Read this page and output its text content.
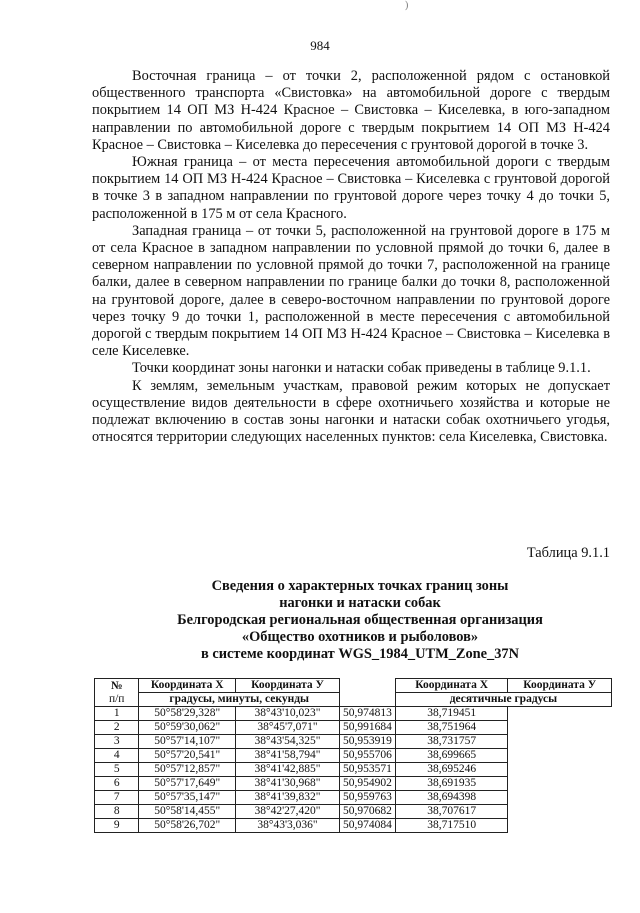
)
984

Восточная граница – от точки 2, расположенной рядом с остановкой общественного транспорта «Свистовка» на автомобильной дороге с твердым покрытием 14 ОП МЗ Н-424 Красное – Свистовка – Киселевка, в юго-западном направлении по автомобильной дороге с твердым покрытием 14 ОП МЗ Н-424 Красное – Свистовка – Киселевка до пересечения с грунтовой дорогой в точке 3.

Южная граница – от места пересечения автомобильной дороги с твердым покрытием 14 ОП МЗ Н-424 Красное – Свистовка – Киселевка с грунтовой дорогой в точке 3 в западном направлении по грунтовой дороге через точку 4 до точки 5, расположенной в 175 м от села Красного.

Западная граница – от точки 5, расположенной на грунтовой дороге в 175 м от села Красное в западном направлении по условной прямой до точки 6, далее в северном направлении по условной прямой до точки 7, расположенной на границе балки, далее в северном направлении по границе балки до точки 8, расположенной на грунтовой дороге, далее в северо-восточном направлении по грунтовой дороге через точку 9 до точки 1, расположенной в месте пересечения с автомобильной дорогой с твердым покрытием 14 ОП МЗ Н-424 Красное – Свистовка – Киселевка в селе Киселевке.

Точки координат зоны нагонки и натаски собак приведены в таблице 9.1.1.

К землям, земельным участкам, правовой режим которых не допускает осуществление видов деятельности в сфере охотничьего хозяйства и которые не подлежат включению в состав зоны нагонки и натаски собак охотничьего угодья, относятся территории следующих населенных пунктов: села Киселевка, Свистовка.

Таблица 9.1.1
Сведения о характерных точках границ зоны
нагонки и натаски собак
Белгородская региональная общественная организация
«Общество охотников и рыболовов»
в системе координат WGS_1984_UTM_Zone_37N
№
п/п	Координата X	Координата У		Координата X	Координата У
	градусы, минуты, секунды			десятичные градусы	
1	50°58'29,328"	38°43'10,023"	50,974813	38,719451	
2	50°59'30,062"	38°45'7,071"	50,991684	38,751964	
3	50°57'14,107"	38°43'54,325"	50,953919	38,731757	
4	50°57'20,541"	38°41'58,794"	50,955706	38,699665	
5	50°57'12,857"	38°41'42,885"	50,953571	38,695246	
6	50°57'17,649"	38°41'30,968"	50,954902	38,691935	
7	50°57'35,147"	38°41'39,832"	50,959763	38,694398	
8	50°58'14,455"	38°42'27,420"	50,970682	38,707617	
9	50°58'26,702"	38°43'3,036"	50,974084	38,717510	
